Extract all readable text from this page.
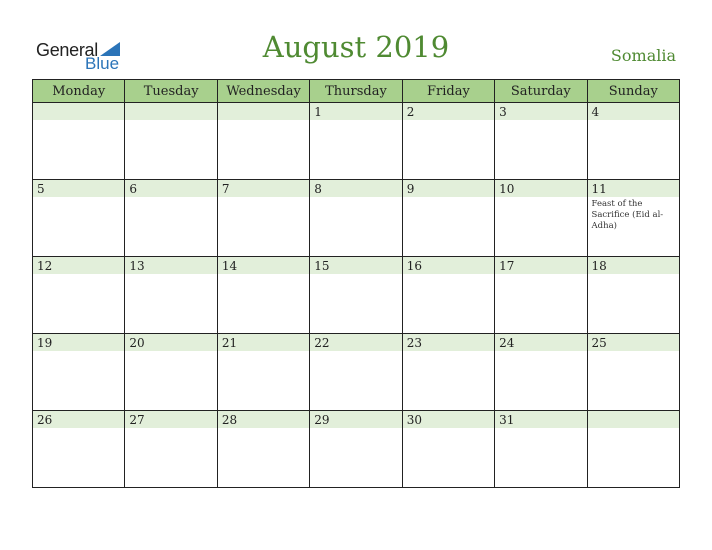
General
Blue	August 2019	Somalia
Monday	Tuesday	Wednesday	Thursday	Friday	Saturday	Sunday

			1	2	3	4

5	6	7	8	9	10	11
Feast of the Sacrifice (Eid al-Adha)

12	13	14	15	16	17	18

19	20	21	22	23	24	25

26	27	28	29	30	31	
